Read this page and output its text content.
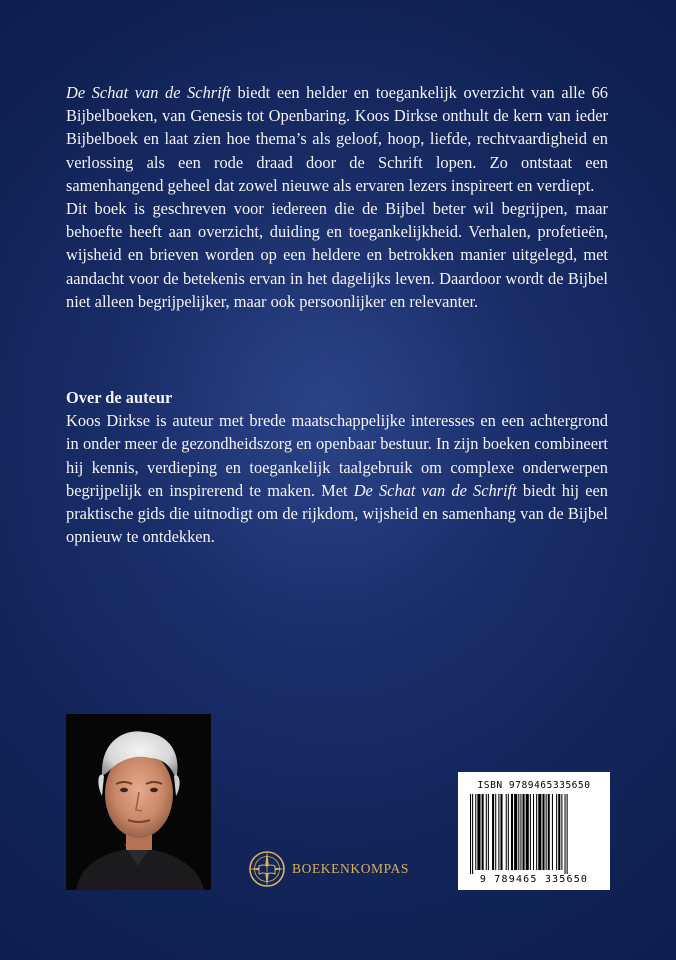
De Schat van de Schrift biedt een helder en toegankelijk overzicht van alle 66 Bijbelboeken, van Genesis tot Openbaring. Koos Dirkse onthult de kern van ieder Bijbelboek en laat zien hoe thema’s als geloof, hoop, liefde, rechtvaardigheid en verlossing als een rode draad door de Schrift lopen. Zo ontstaat een samenhangend geheel dat zowel nieuwe als ervaren lezers inspireert en verdiept.

Dit boek is geschreven voor iedereen die de Bijbel beter wil begrijpen, maar behoefte heeft aan overzicht, duiding en toegankelijkheid. Verhalen, profetieën, wijsheid en brieven worden op een heldere en betrokken manier uitgelegd, met aandacht voor de betekenis ervan in het dagelijks leven. Daardoor wordt de Bijbel niet alleen begrijpelijker, maar ook persoonlijker en relevanter.

Over de auteur

Koos Dirkse is auteur met brede maatschappelijke interesses en een achtergrond in onder meer de gezondheidszorg en openbaar bestuur. In zijn boeken combineert hij kennis, verdieping en toegankelijk taalgebruik om complexe onderwerpen begrijpelijk en inspirerend te maken. Met De Schat van de Schrift biedt hij een praktische gids die uitnodigt om de rijkdom, wijsheid en samenhang van de Bijbel opnieuw te ontdekken.

BOEKENKOMPAS
ISBN 9789465335650
9 789465 335650
